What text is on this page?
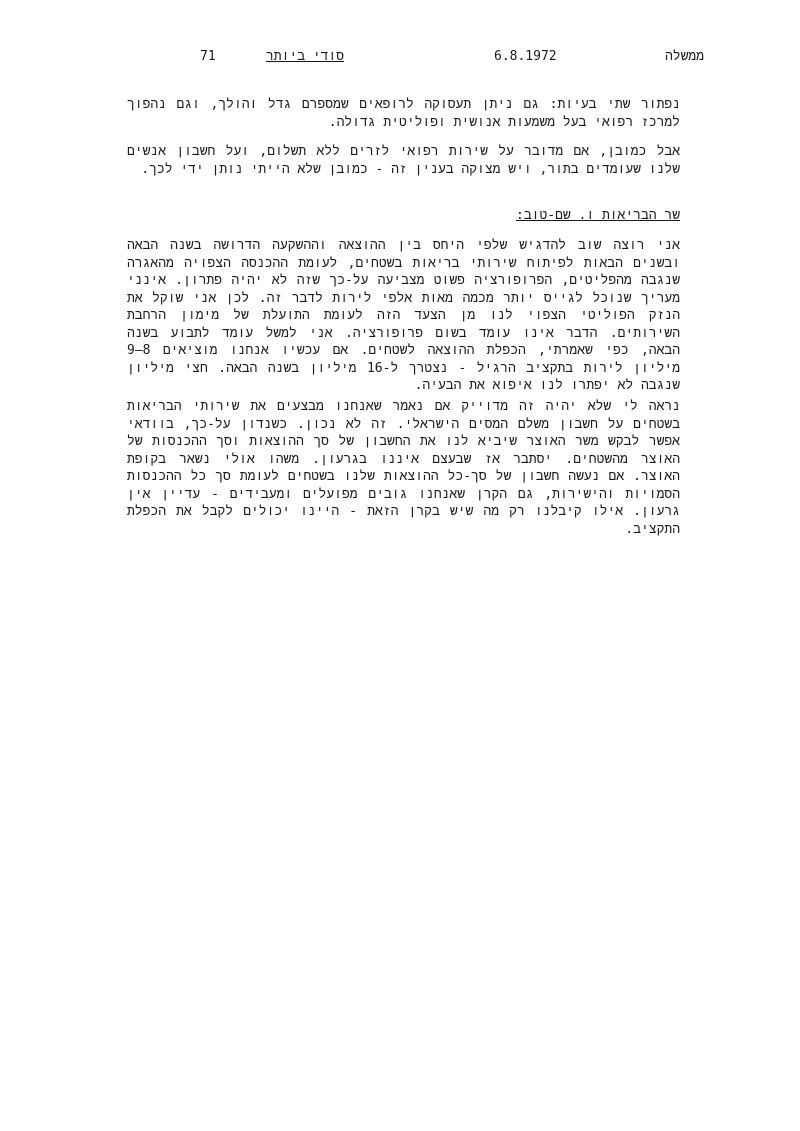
ממשלה
6.8.1972
סודי ביותר
71

נפתור שתי בעיות: גם ניתן תעסוקה לרופאים שמספרם גדל והולך, וגם נהפוך למרכז רפואי בעל משמעות אנושית ופוליטית גדולה.

אבל כמובן, אם מדובר על שירות רפואי לזרים ללא תשלום, ועל חשבון אנשים שלנו שעומדים בתור, ויש מצוקה בענין זה - כמובן שלא הייתי נותן ידי לכך.

שר הבריאות ו. שם-טוב:

אני רוצה שוב להדגיש שלפי היחס בין ההוצאה וההשקעה הדרושה בשנה הבאה ובשנים הבאות לפיתוח שירותי בריאות בשטחים, לעומת ההכנסה הצפויה מהאגרה שנגבה מהפליטים, הפרופורציה פשוט מצביעה על-כך שזה לא יהיה פתרון. אינני מעריך שנוכל לגייס יותר מכמה מאות אלפי לירות לדבר זה. לכן אני שוקל את הנזק הפוליטי הצפוי לנו מן הצעד הזה לעומת התועלת של מימון הרחבת השירותים. הדבר אינו עומד בשום פרופורציה. אני למשל עומד לתבוע בשנה הבאה, כפי שאמרתי, הכפלת ההוצאה לשטחים. אם עכשיו אנחנו מוציאים 8–9 מיליון לירות בתקציב הרגיל - נצטרך ל-16 מיליון בשנה הבאה. חצי מיליון שנגבה לא יפתרו לנו איפוא את הבעיה.

נראה לי שלא יהיה זה מדוייק אם נאמר שאנחנו מבצעים את שירותי הבריאות בשטחים על חשבון משלם המסים הישראלי. זה לא נכון. כשנדון על-כך, בוודאי אפשר לבקש משר האוצר שיביא לנו את החשבון של סך ההוצאות וסך ההכנסות של האוצר מהשטחים. יסתבר אז שבעצם איננו בגרעון. משהו אולי נשאר בקופת האוצר. אם נעשה חשבון של סך-כל ההוצאות שלנו בשטחים לעומת סך כל ההכנסות הסמויות והישירות, גם הקרן שאנחנו גובים מפועלים ומעבידים - עדיין אין גרעון. אילו קיבלנו רק מה שיש בקרן הזאת - היינו יכולים לקבל את הכפלת התקציב.
